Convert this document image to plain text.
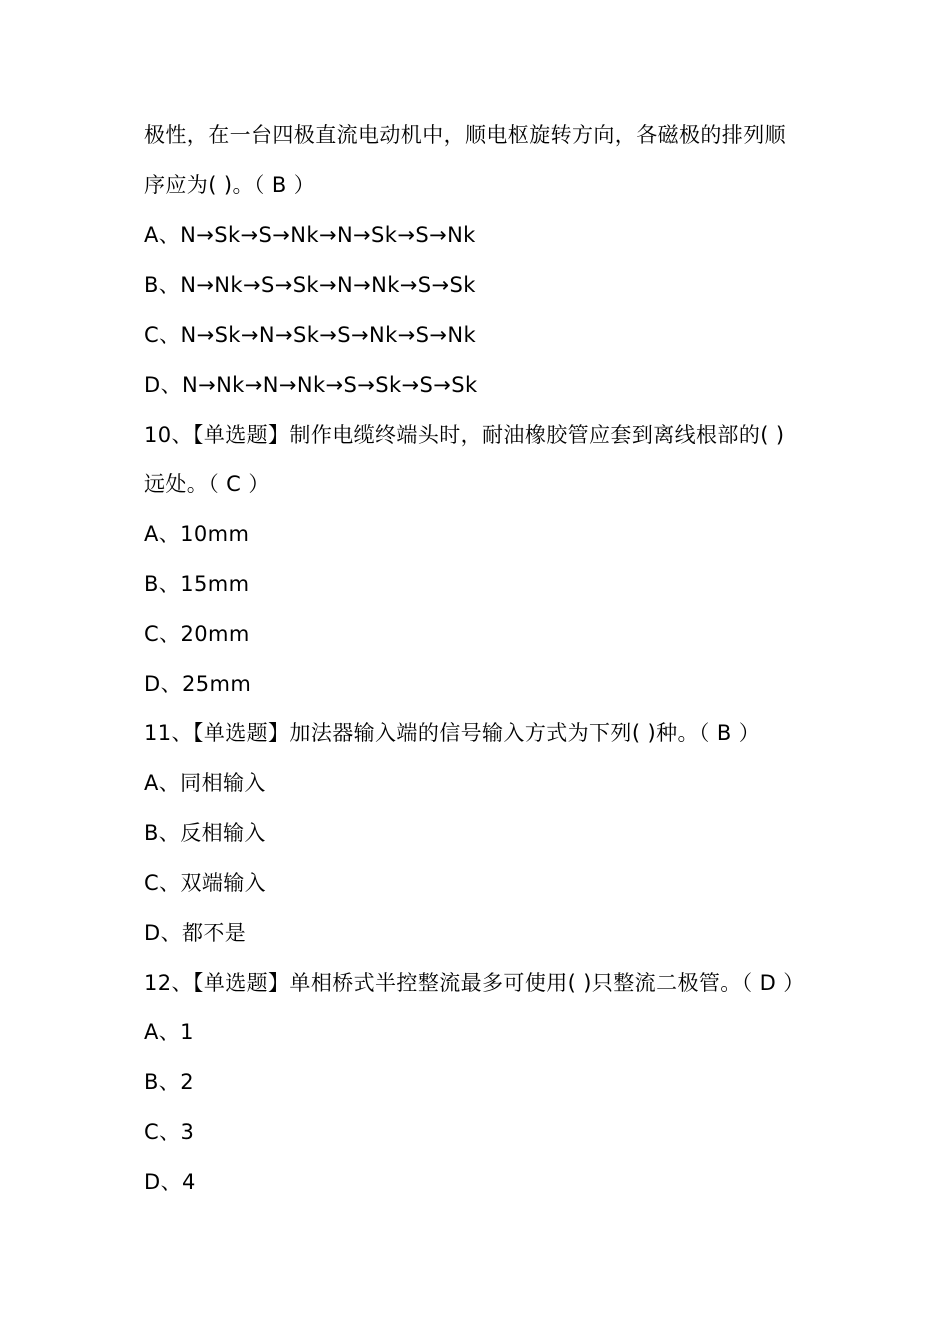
极性，在一台四极直流电动机中，顺电枢旋转方向，各磁极的排列顺
序应为( )。（ B ）
A、N→Sk→S→Nk→N→Sk→S→Nk
B、N→Nk→S→Sk→N→Nk→S→Sk
C、N→Sk→N→Sk→S→Nk→S→Nk
D、N→Nk→N→Nk→S→Sk→S→Sk
10、【单选题】制作电缆终端头时，耐油橡胶管应套到离线根部的( )
远处。（ C ）
A、10mm
B、15mm
C、20mm
D、25mm
11、【单选题】加法器输入端的信号输入方式为下列( )种。（ B ）
A、同相输入
B、反相输入
C、双端输入
D、都不是
12、【单选题】单相桥式半控整流最多可使用( )只整流二极管。（ D ）
A、1
B、2
C、3
D、4
